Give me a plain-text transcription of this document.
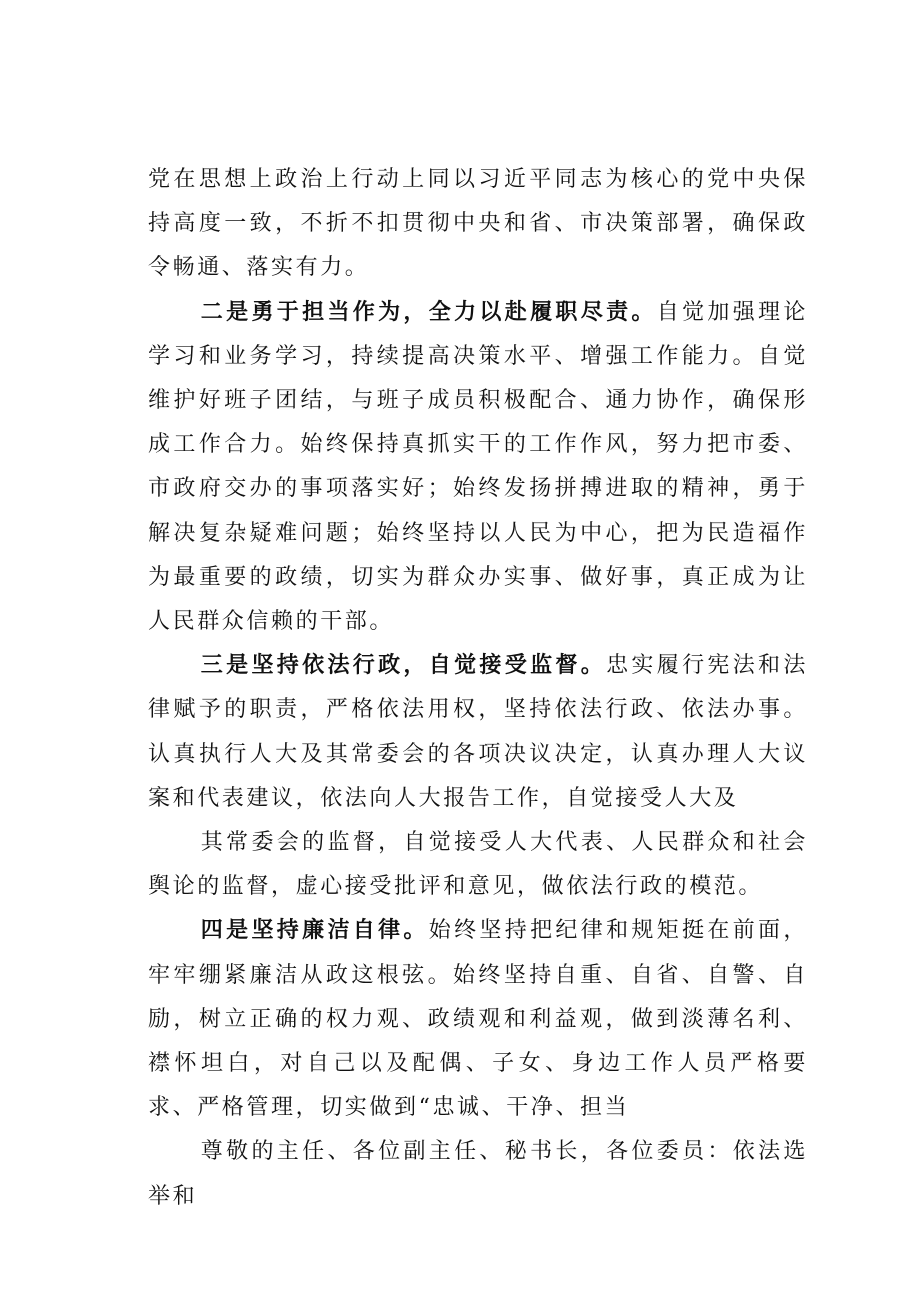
党在思想上政治上行动上同以习近平同志为核心的党中央保持高度一致，不折不扣贯彻中央和省、市决策部署，确保政令畅通、落实有力。

二是勇于担当作为，全力以赴履职尽责。自觉加强理论学习和业务学习，持续提高决策水平、增强工作能力。自觉维护好班子团结，与班子成员积极配合、通力协作，确保形成工作合力。始终保持真抓实干的工作作风，努力把市委、市政府交办的事项落实好；始终发扬拼搏进取的精神，勇于解决复杂疑难问题；始终坚持以人民为中心，把为民造福作为最重要的政绩，切实为群众办实事、做好事，真正成为让人民群众信赖的干部。

三是坚持依法行政，自觉接受监督。忠实履行宪法和法律赋予的职责，严格依法用权，坚持依法行政、依法办事。认真执行人大及其常委会的各项决议决定，认真办理人大议案和代表建议，依法向人大报告工作，自觉接受人大及

其常委会的监督，自觉接受人大代表、人民群众和社会舆论的监督，虚心接受批评和意见，做依法行政的模范。

四是坚持廉洁自律。始终坚持把纪律和规矩挺在前面，牢牢绷紧廉洁从政这根弦。始终坚持自重、自省、自警、自励，树立正确的权力观、政绩观和利益观，做到淡薄名利、襟怀坦白，对自己以及配偶、子女、身边工作人员严格要求、严格管理，切实做到“忠诚、干净、担当

尊敬的主任、各位副主任、秘书长，各位委员：依法选举和
